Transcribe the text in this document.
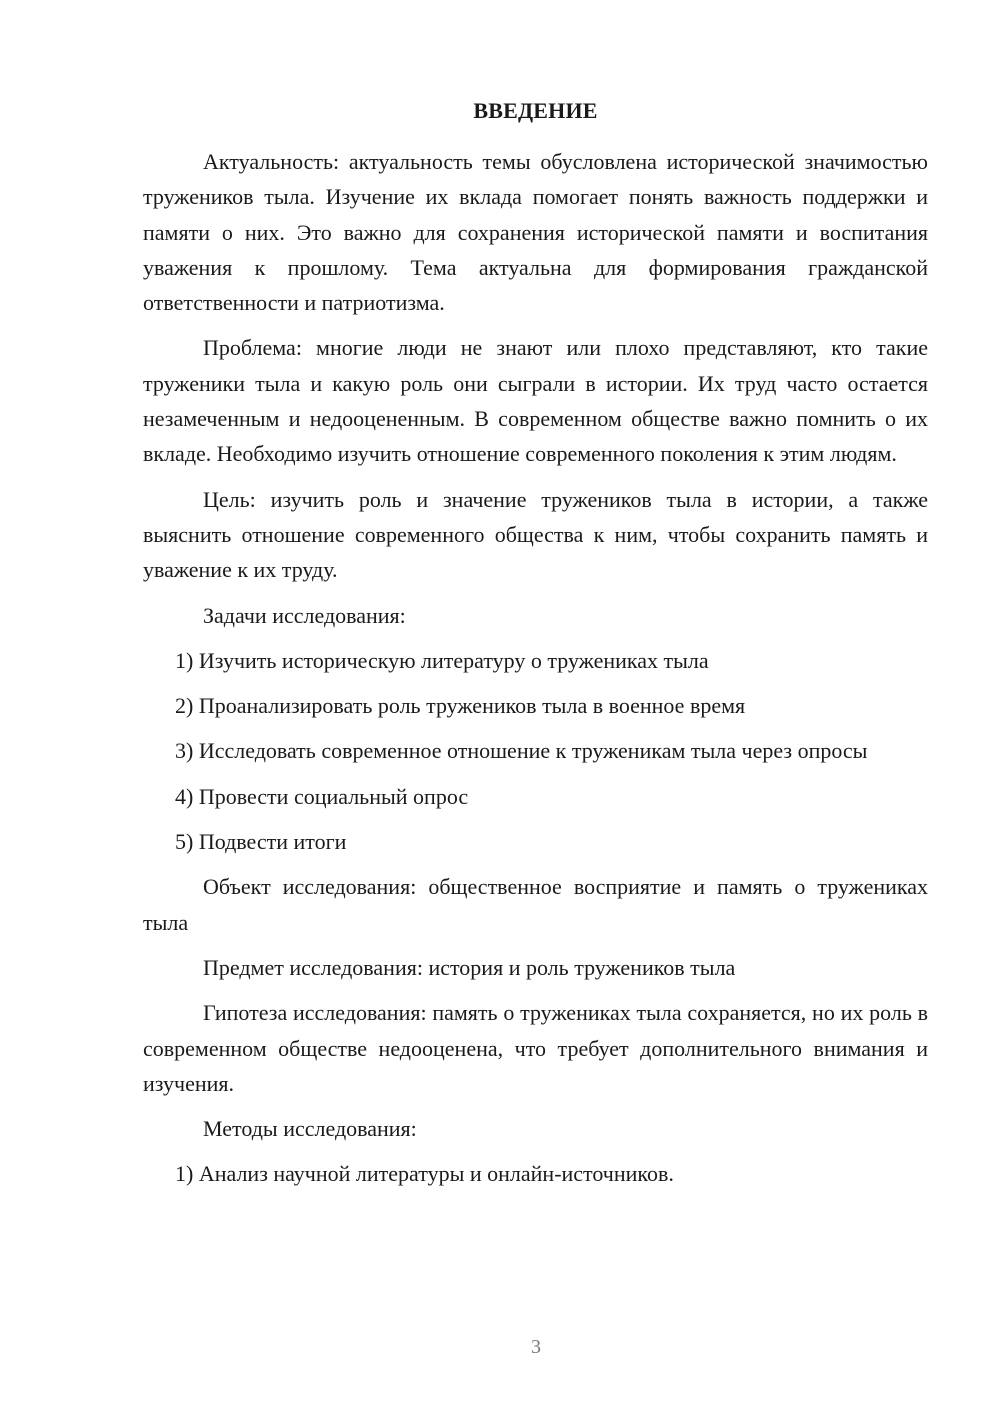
ВВЕДЕНИЕ

Актуальность: актуальность темы обусловлена исторической значимостью тружеников тыла. Изучение их вклада помогает понять важность поддержки и памяти о них. Это важно для сохранения исторической памяти и воспитания уважения к прошлому. Тема актуальна для формирования гражданской ответственности и патриотизма.

Проблема: многие люди не знают или плохо представляют, кто такие труженики тыла и какую роль они сыграли в истории. Их труд часто остается незамеченным и недооцененным. В современном обществе важно помнить о их вкладе. Необходимо изучить отношение современного поколения к этим людям.

Цель: изучить роль и значение тружеников тыла в истории, а также выяснить отношение современного общества к ним, чтобы сохранить память и уважение к их труду.

Задачи исследования:

1) Изучить историческую литературу о тружениках тыла

2) Проанализировать роль тружеников тыла в военное время

3) Исследовать современное отношение к труженикам тыла через опросы

4) Провести социальный опрос

5) Подвести итоги

Объект исследования: общественное восприятие и память о тружениках тыла

Предмет исследования: история и роль тружеников тыла

Гипотеза исследования: память о тружениках тыла сохраняется, но их роль в современном обществе недооценена, что требует дополнительного внимания и изучения.

Методы исследования:

1) Анализ научной литературы и онлайн-источников.

3
